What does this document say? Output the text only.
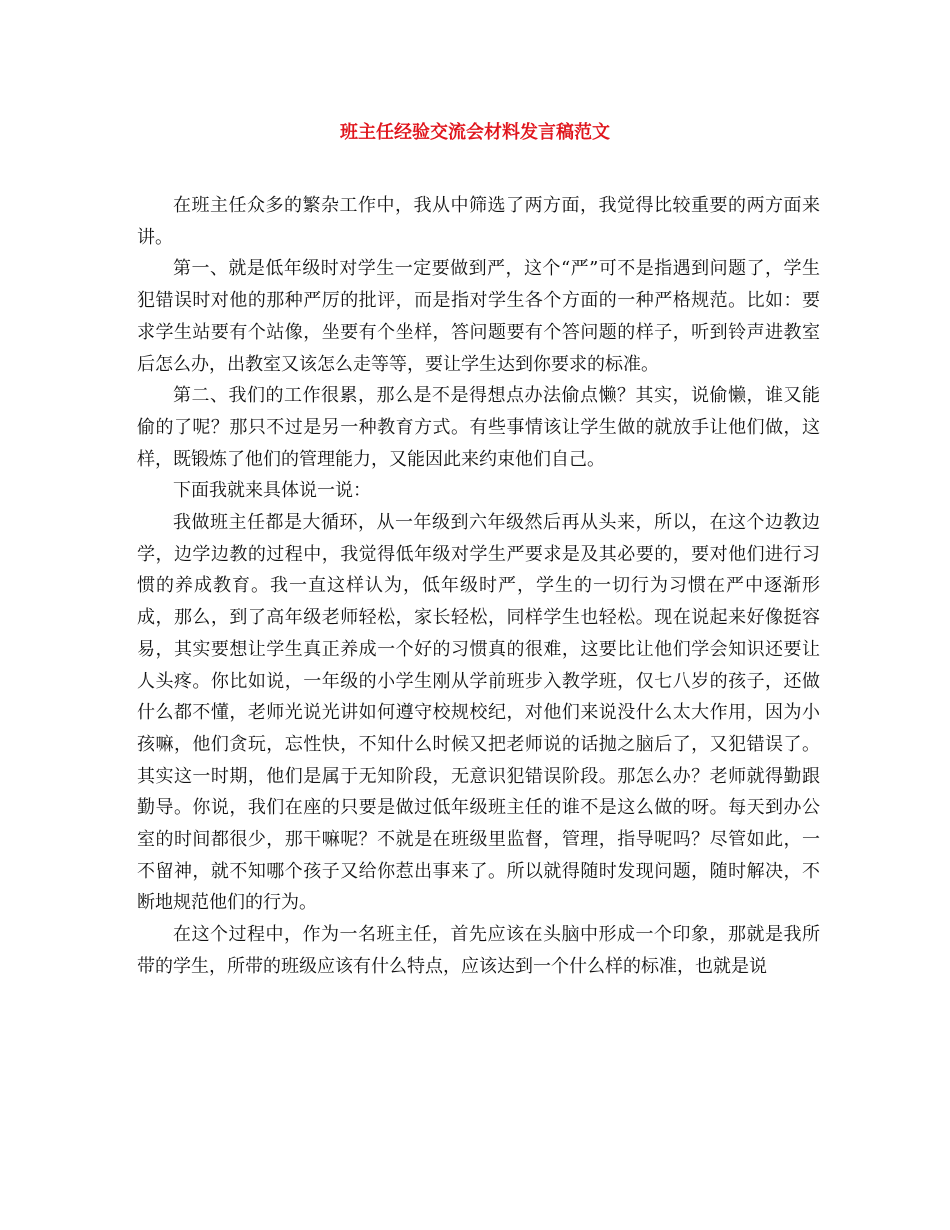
班主任经验交流会材料发言稿范文

在班主任众多的繁杂工作中，我从中筛选了两方面，我觉得比较重要的两方面来讲。

第一、就是低年级时对学生一定要做到严，这个“严”可不是指遇到问题了，学生犯错误时对他的那种严厉的批评，而是指对学生各个方面的一种严格规范。比如：要求学生站要有个站像，坐要有个坐样，答问题要有个答问题的样子，听到铃声进教室后怎么办，出教室又该怎么走等等，要让学生达到你要求的标准。

第二、我们的工作很累，那么是不是得想点办法偷点懒？其实，说偷懒，谁又能偷的了呢？那只不过是另一种教育方式。有些事情该让学生做的就放手让他们做，这样，既锻炼了他们的管理能力，又能因此来约束他们自己。

下面我就来具体说一说：

我做班主任都是大循环，从一年级到六年级然后再从头来，所以，在这个边教边学，边学边教的过程中，我觉得低年级对学生严要求是及其必要的，要对他们进行习惯的养成教育。我一直这样认为，低年级时严，学生的一切行为习惯在严中逐渐形成，那么，到了高年级老师轻松，家长轻松，同样学生也轻松。现在说起来好像挺容易，其实要想让学生真正养成一个好的习惯真的很难，这要比让他们学会知识还要让人头疼。你比如说，一年级的小学生刚从学前班步入教学班，仅七八岁的孩子，还做什么都不懂，老师光说光讲如何遵守校规校纪，对他们来说没什么太大作用，因为小孩嘛，他们贪玩，忘性快，不知什么时候又把老师说的话抛之脑后了，又犯错误了。其实这一时期，他们是属于无知阶段，无意识犯错误阶段。那怎么办？老师就得勤跟勤导。你说，我们在座的只要是做过低年级班主任的谁不是这么做的呀。每天到办公室的时间都很少，那干嘛呢？不就是在班级里监督，管理，指导呢吗？尽管如此，一不留神，就不知哪个孩子又给你惹出事来了。所以就得随时发现问题，随时解决，不断地规范他们的行为。

在这个过程中，作为一名班主任，首先应该在头脑中形成一个印象，那就是我所带的学生，所带的班级应该有什么特点，应该达到一个什么样的标准，也就是说
